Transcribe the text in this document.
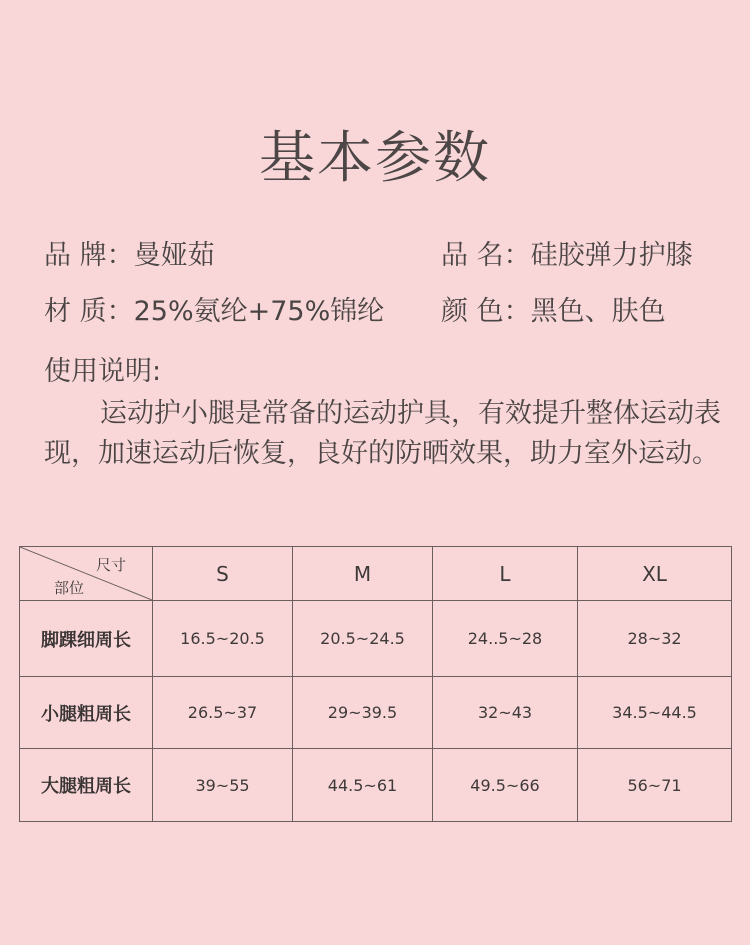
基本参数
品 牌：曼娅茹	品 名：硅胶弹力护膝
材 质：25%氨纶+75%锦纶 颜 色：黑色、肤色
使用说明:
运动护小腿是常备的运动护具，有效提升整体运动表现，加速运动后恢复，良好的防晒效果，助力室外运动。
尺寸
部位	S	M	L	XL
脚踝细周长	16.5~20.5	20.5~24.5	24..5~28	28~32
小腿粗周长	26.5~37	29~39.5	32~43	34.5~44.5
大腿粗周长	39~55	44.5~61	49.5~66	56~71
